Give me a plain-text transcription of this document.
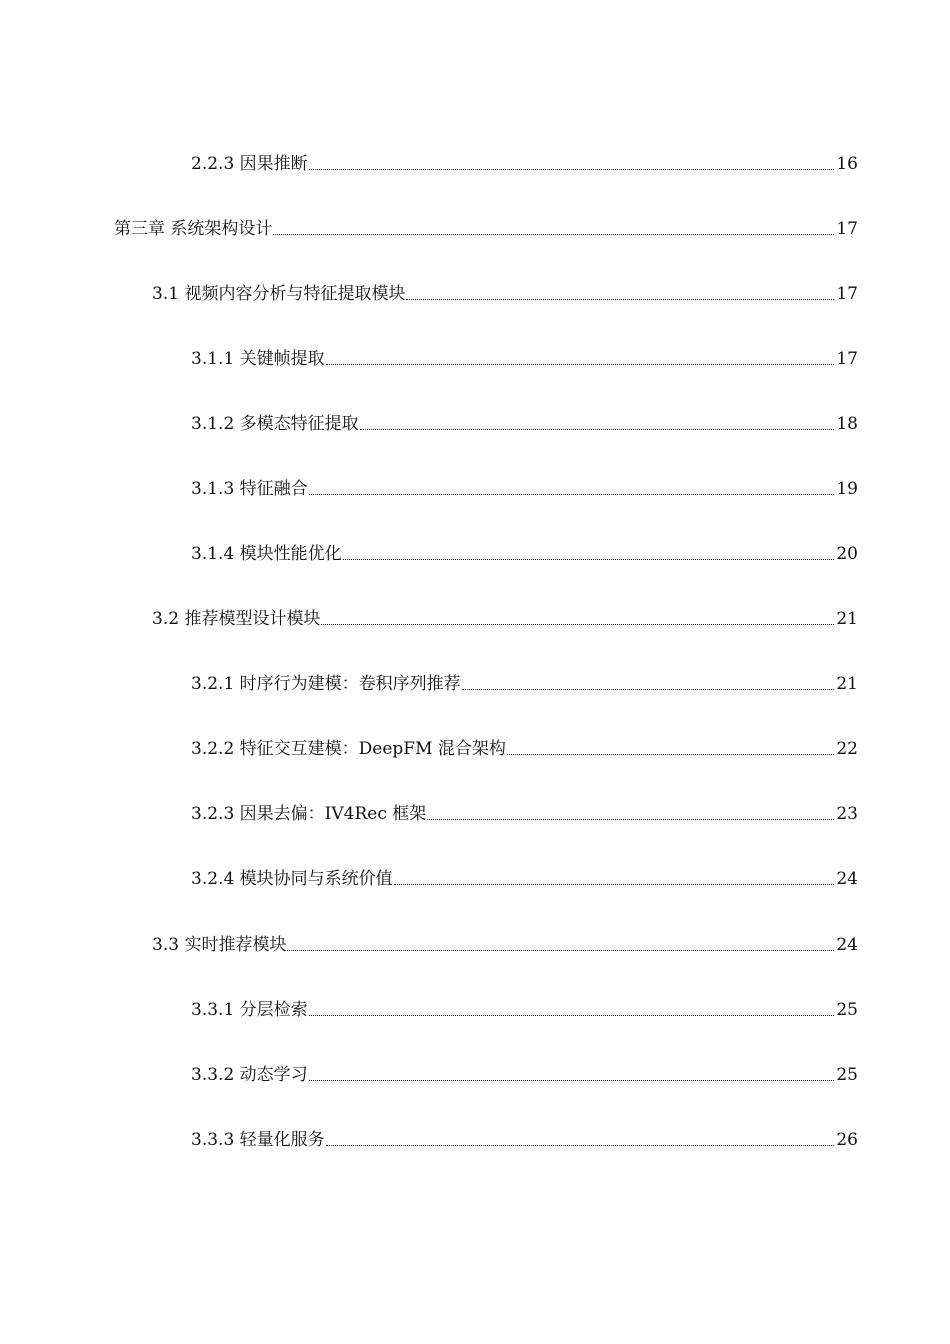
2.2.3 因果推断	16
第三章 系统架构设计	17
3.1 视频内容分析与特征提取模块	17
3.1.1 关键帧提取	17
3.1.2 多模态特征提取	18
3.1.3 特征融合	19
3.1.4 模块性能优化	20
3.2 推荐模型设计模块	21
3.2.1 时序行为建模：卷积序列推荐	21
3.2.2 特征交互建模：DeepFM 混合架构	22
3.2.3 因果去偏：IV4Rec 框架	23
3.2.4 模块协同与系统价值	24
3.3 实时推荐模块	24
3.3.1 分层检索	25
3.3.2 动态学习	25
3.3.3 轻量化服务	26
